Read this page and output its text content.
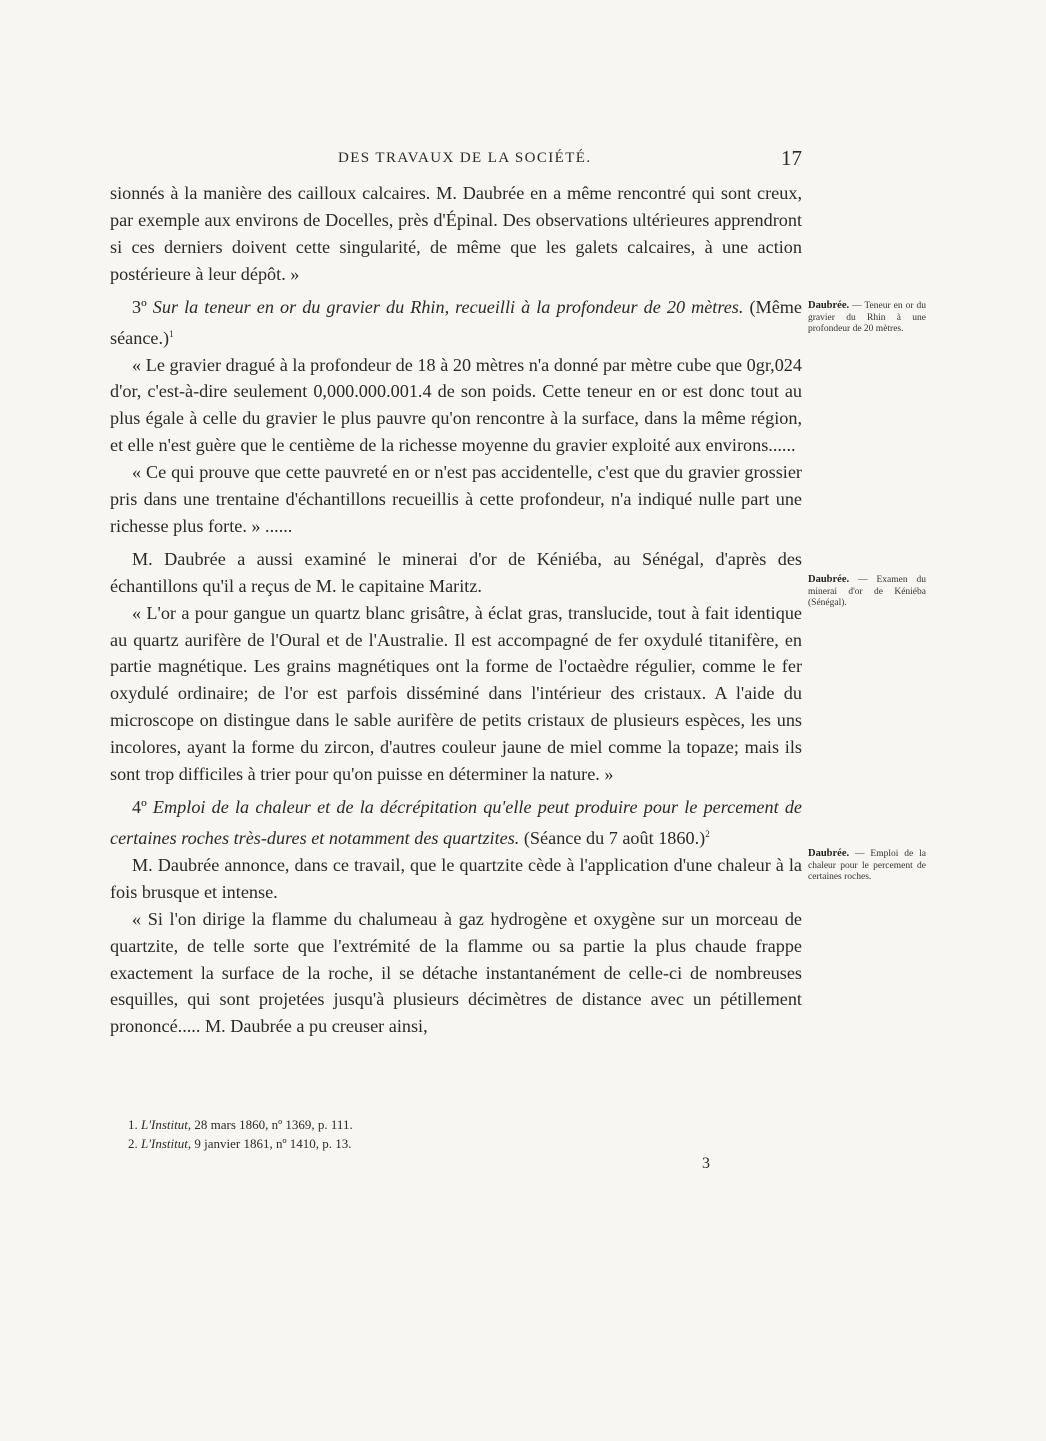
DES TRAVAUX DE LA SOCIÉTÉ.	17

sionnés à la manière des cailloux calcaires. M. Daubrée en a même rencontré qui sont creux, par exemple aux environs de Docelles, près d'Épinal. Des observations ultérieures apprendront si ces derniers doivent cette singularité, de même que les galets calcaires, à une action postérieure à leur dépôt. »

3º Sur la teneur en or du gravier du Rhin, recueilli à la profondeur de 20 mètres. (Même séance.)$^1$

« Le gravier dragué à la profondeur de 18 à 20 mètres n'a donné par mètre cube que 0gr,024 d'or, c'est-à-dire seulement 0,000.000.001.4 de son poids. Cette teneur en or est donc tout au plus égale à celle du gravier le plus pauvre qu'on rencontre à la surface, dans la même région, et elle n'est guère que le centième de la richesse moyenne du gravier exploité aux environs......

« Ce qui prouve que cette pauvreté en or n'est pas accidentelle, c'est que du gravier grossier pris dans une trentaine d'échantillons recueillis à cette profondeur, n'a indiqué nulle part une richesse plus forte. » ......

M. Daubrée a aussi examiné le minerai d'or de Kéniéba, au Sénégal, d'après des échantillons qu'il a reçus de M. le capitaine Maritz.

« L'or a pour gangue un quartz blanc grisâtre, à éclat gras, translucide, tout à fait identique au quartz aurifère de l'Oural et de l'Australie. Il est accompagné de fer oxydulé titanifère, en partie magnétique. Les grains magnétiques ont la forme de l'octaèdre régulier, comme le fer oxydulé ordinaire; de l'or est parfois disséminé dans l'intérieur des cristaux. A l'aide du microscope on distingue dans le sable aurifère de petits cristaux de plusieurs espèces, les uns incolores, ayant la forme du zircon, d'autres couleur jaune de miel comme la topaze; mais ils sont trop difficiles à trier pour qu'on puisse en déterminer la nature. »

4º Emploi de la chaleur et de la décrépitation qu'elle peut produire pour le percement de certaines roches très-dures et notamment des quartzites. (Séance du 7 août 1860.)$^2$

M. Daubrée annonce, dans ce travail, que le quartzite cède à l'application d'une chaleur à la fois brusque et intense.

« Si l'on dirige la flamme du chalumeau à gaz hydrogène et oxygène sur un morceau de quartzite, de telle sorte que l'extrémité de la flamme ou sa partie la plus chaude frappe exactement la surface de la roche, il se détache instantanément de celle-ci de nombreuses esquilles, qui sont projetées jusqu'à plusieurs décimètres de distance avec un pétillement prononcé..... M. Daubrée a pu creuser ainsi,

Daubrée. — Teneur en or du gravier du Rhin à une profondeur de 20 mètres.
Daubrée. — Examen du minerai d'or de Kéniéba (Sénégal).
Daubrée. — Emploi de la chaleur pour le percement de certaines roches.

1. L'Institut, 28 mars 1860, nº 1369, p. 111.

2. L'Institut, 9 janvier 1861, nº 1410, p. 13.

3
